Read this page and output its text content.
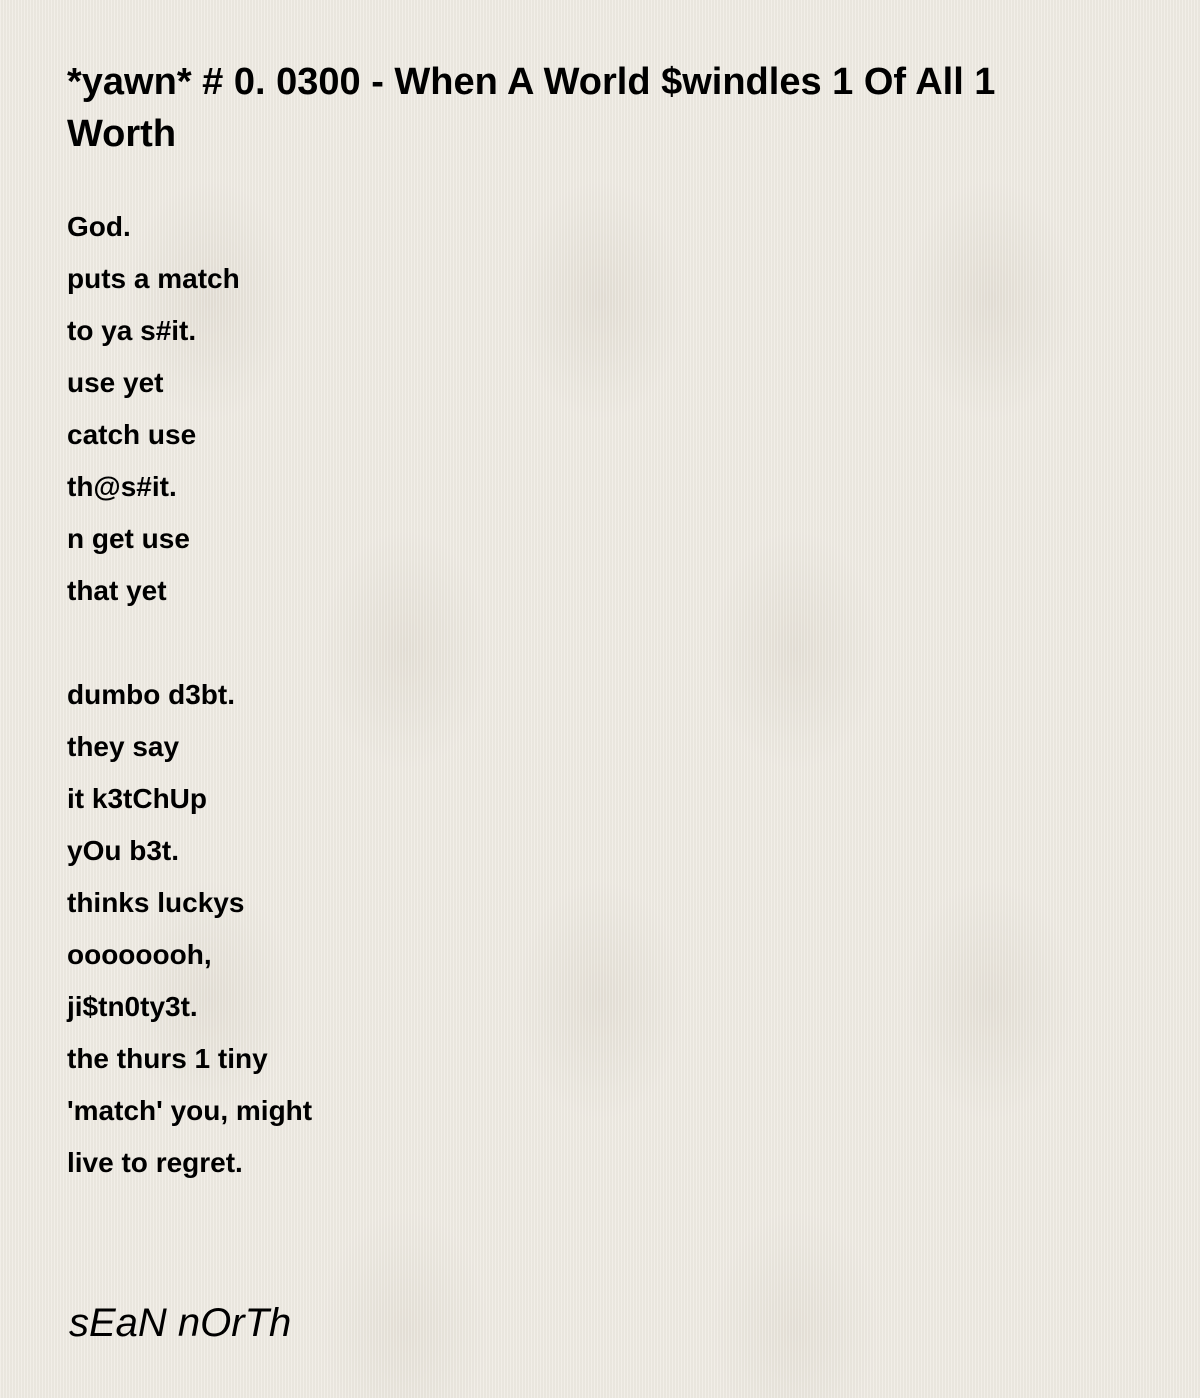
*yawn* # 0. 0300 - When A World $windles 1 Of All 1 Worth
God.
puts a match
to ya s#it.
use yet
catch use
th@s#it.
n get use
that yet
dumbo d3bt.
they say
it k3tChUp
yOu b3t.
thinks luckys
oooooooh,
ji$tn0ty3t.
the thurs 1 tiny
'match' you, might
live to regret.
sEaN nOrTh
